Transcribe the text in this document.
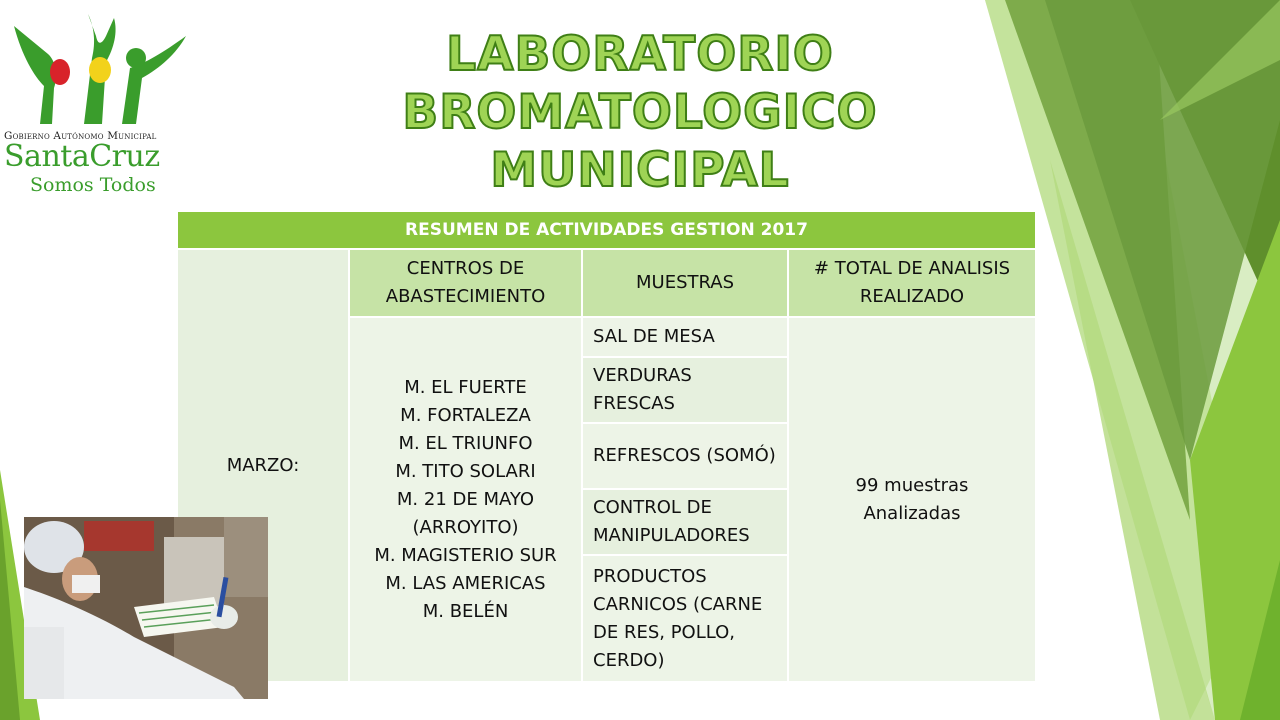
Gobierno Autónomo Municipal
SantaCruz
Somos Todos
LABORATORIO BROMATOLOGICO
MUNICIPAL
RESUMEN DE ACTIVIDADES GESTION 2017
MARZO:
CENTROS DE ABASTECIMIENTO
MUESTRAS
# TOTAL DE ANALISIS REALIZADO
M. EL FUERTE
M. FORTALEZA
M. EL TRIUNFO
M. TITO SOLARI
M. 21 DE MAYO (ARROYITO)
M. MAGISTERIO SUR
M. LAS AMERICAS
M. BELÉN
SAL DE MESA
VERDURAS FRESCAS
REFRESCOS (SOMÓ)
CONTROL DE MANIPULADORES
PRODUCTOS CARNICOS (CARNE DE RES, POLLO, CERDO)
99 muestras Analizadas
